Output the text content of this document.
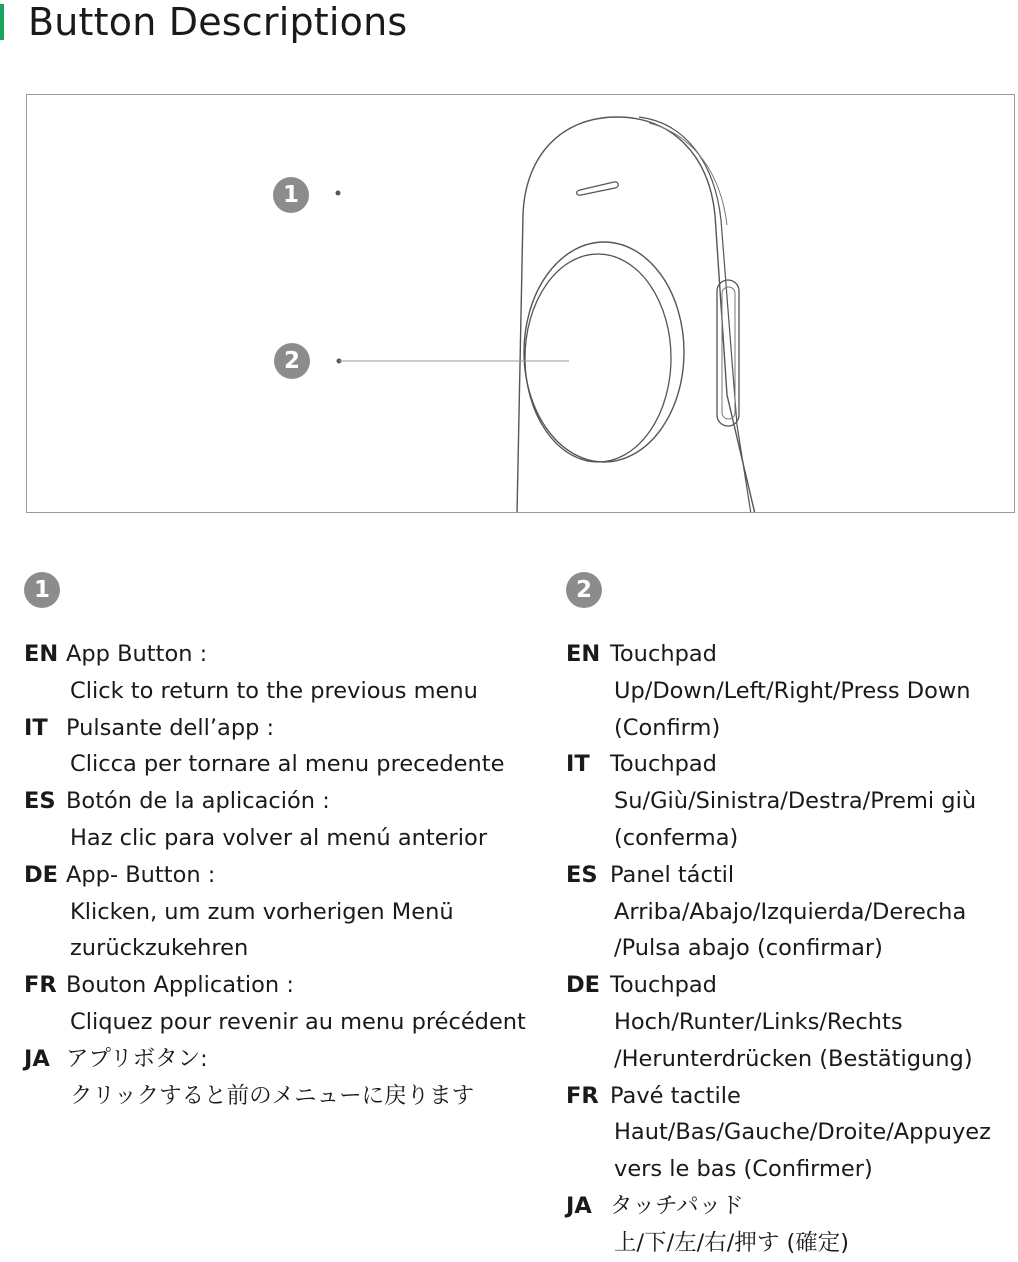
Button Descriptions
1
2
1
EN App Button :
Click to return to the previous menu
IT Pulsante dell’app :
Clicca per tornare al menu precedente
ES Botón de la aplicación :
Haz clic para volver al menú anterior
DE App- Button :
Klicken, um zum vorherigen Menü
zurückzukehren
FR Bouton Application :
Cliquez pour revenir au menu précédent
JA アプリボタン:
クリックすると前のメニューに戻ります
2
EN Touchpad
Up/Down/Left/Right/Press Down
(Confirm)
IT Touchpad
Su/Giù/Sinistra/Destra/Premi giù
(conferma)
ES Panel táctil
Arriba/Abajo/Izquierda/Derecha
/Pulsa abajo (confirmar)
DE Touchpad
Hoch/Runter/Links/Rechts
/Herunterdrücken (Bestätigung)
FR Pavé tactile
Haut/Bas/Gauche/Droite/Appuyez
vers le bas (Confirmer)
JA タッチパッド
上/下/左/右/押す (確定)
